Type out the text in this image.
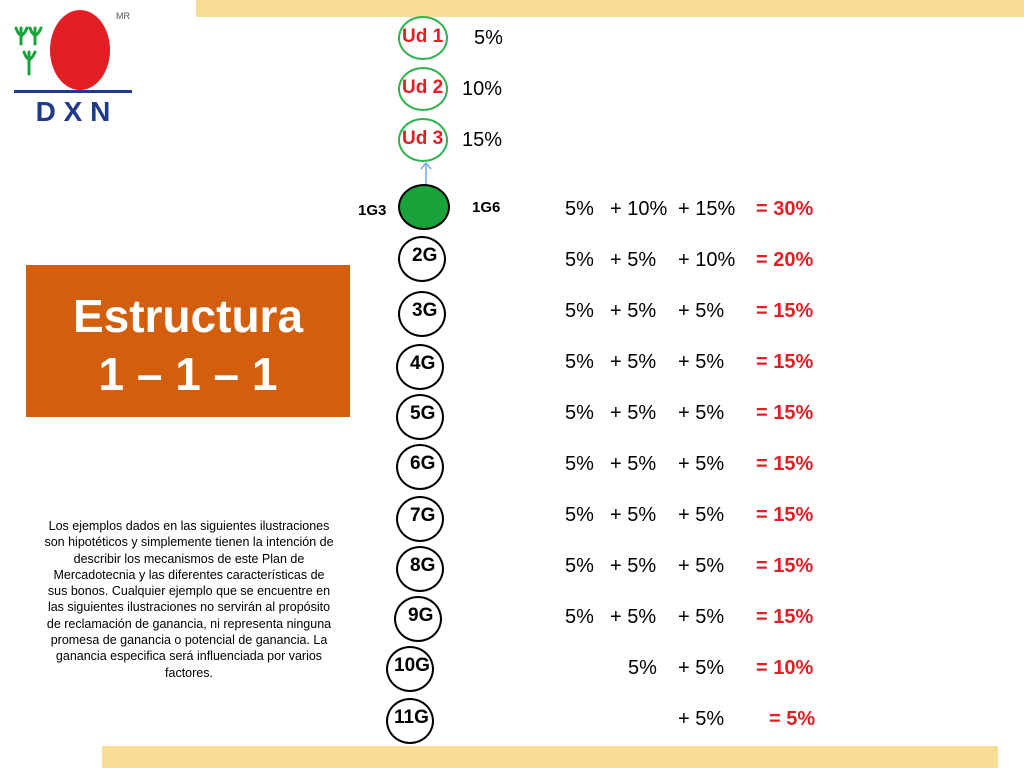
D X N
MR
Ud 1 5%
Ud 2 10%
Ud 3 15%
1G3	1G6
2G
3G
4G
5G
6G
7G
8G
9G
10G
11G
Estructura
1 – 1 – 1
Los ejemplos dados en las siguientes ilustraciones son hipotéticos y simplemente tienen la intención de describir los mecanismos de este Plan de Mercadotecnia y las diferentes características de sus bonos. Cualquier ejemplo que se encuentre en las siguientes ilustraciones no servirán al propósito de reclamación de ganancia, ni representa ninguna promesa de ganancia o potencial de ganancia. La ganancia especifica será influenciada por varios factores.
5% + 10% + 15% = 30%
5% + 5% + 10% = 20%
5% + 5% + 5% = 15%
5% + 5% + 5% = 15%
5% + 5% + 5% = 15%
5% + 5% + 5% = 15%
5% + 5% + 5% = 15%
5% + 5% + 5% = 15%
5% + 5% + 5% = 15%
5% + 5% = 10%
+ 5% = 5%
